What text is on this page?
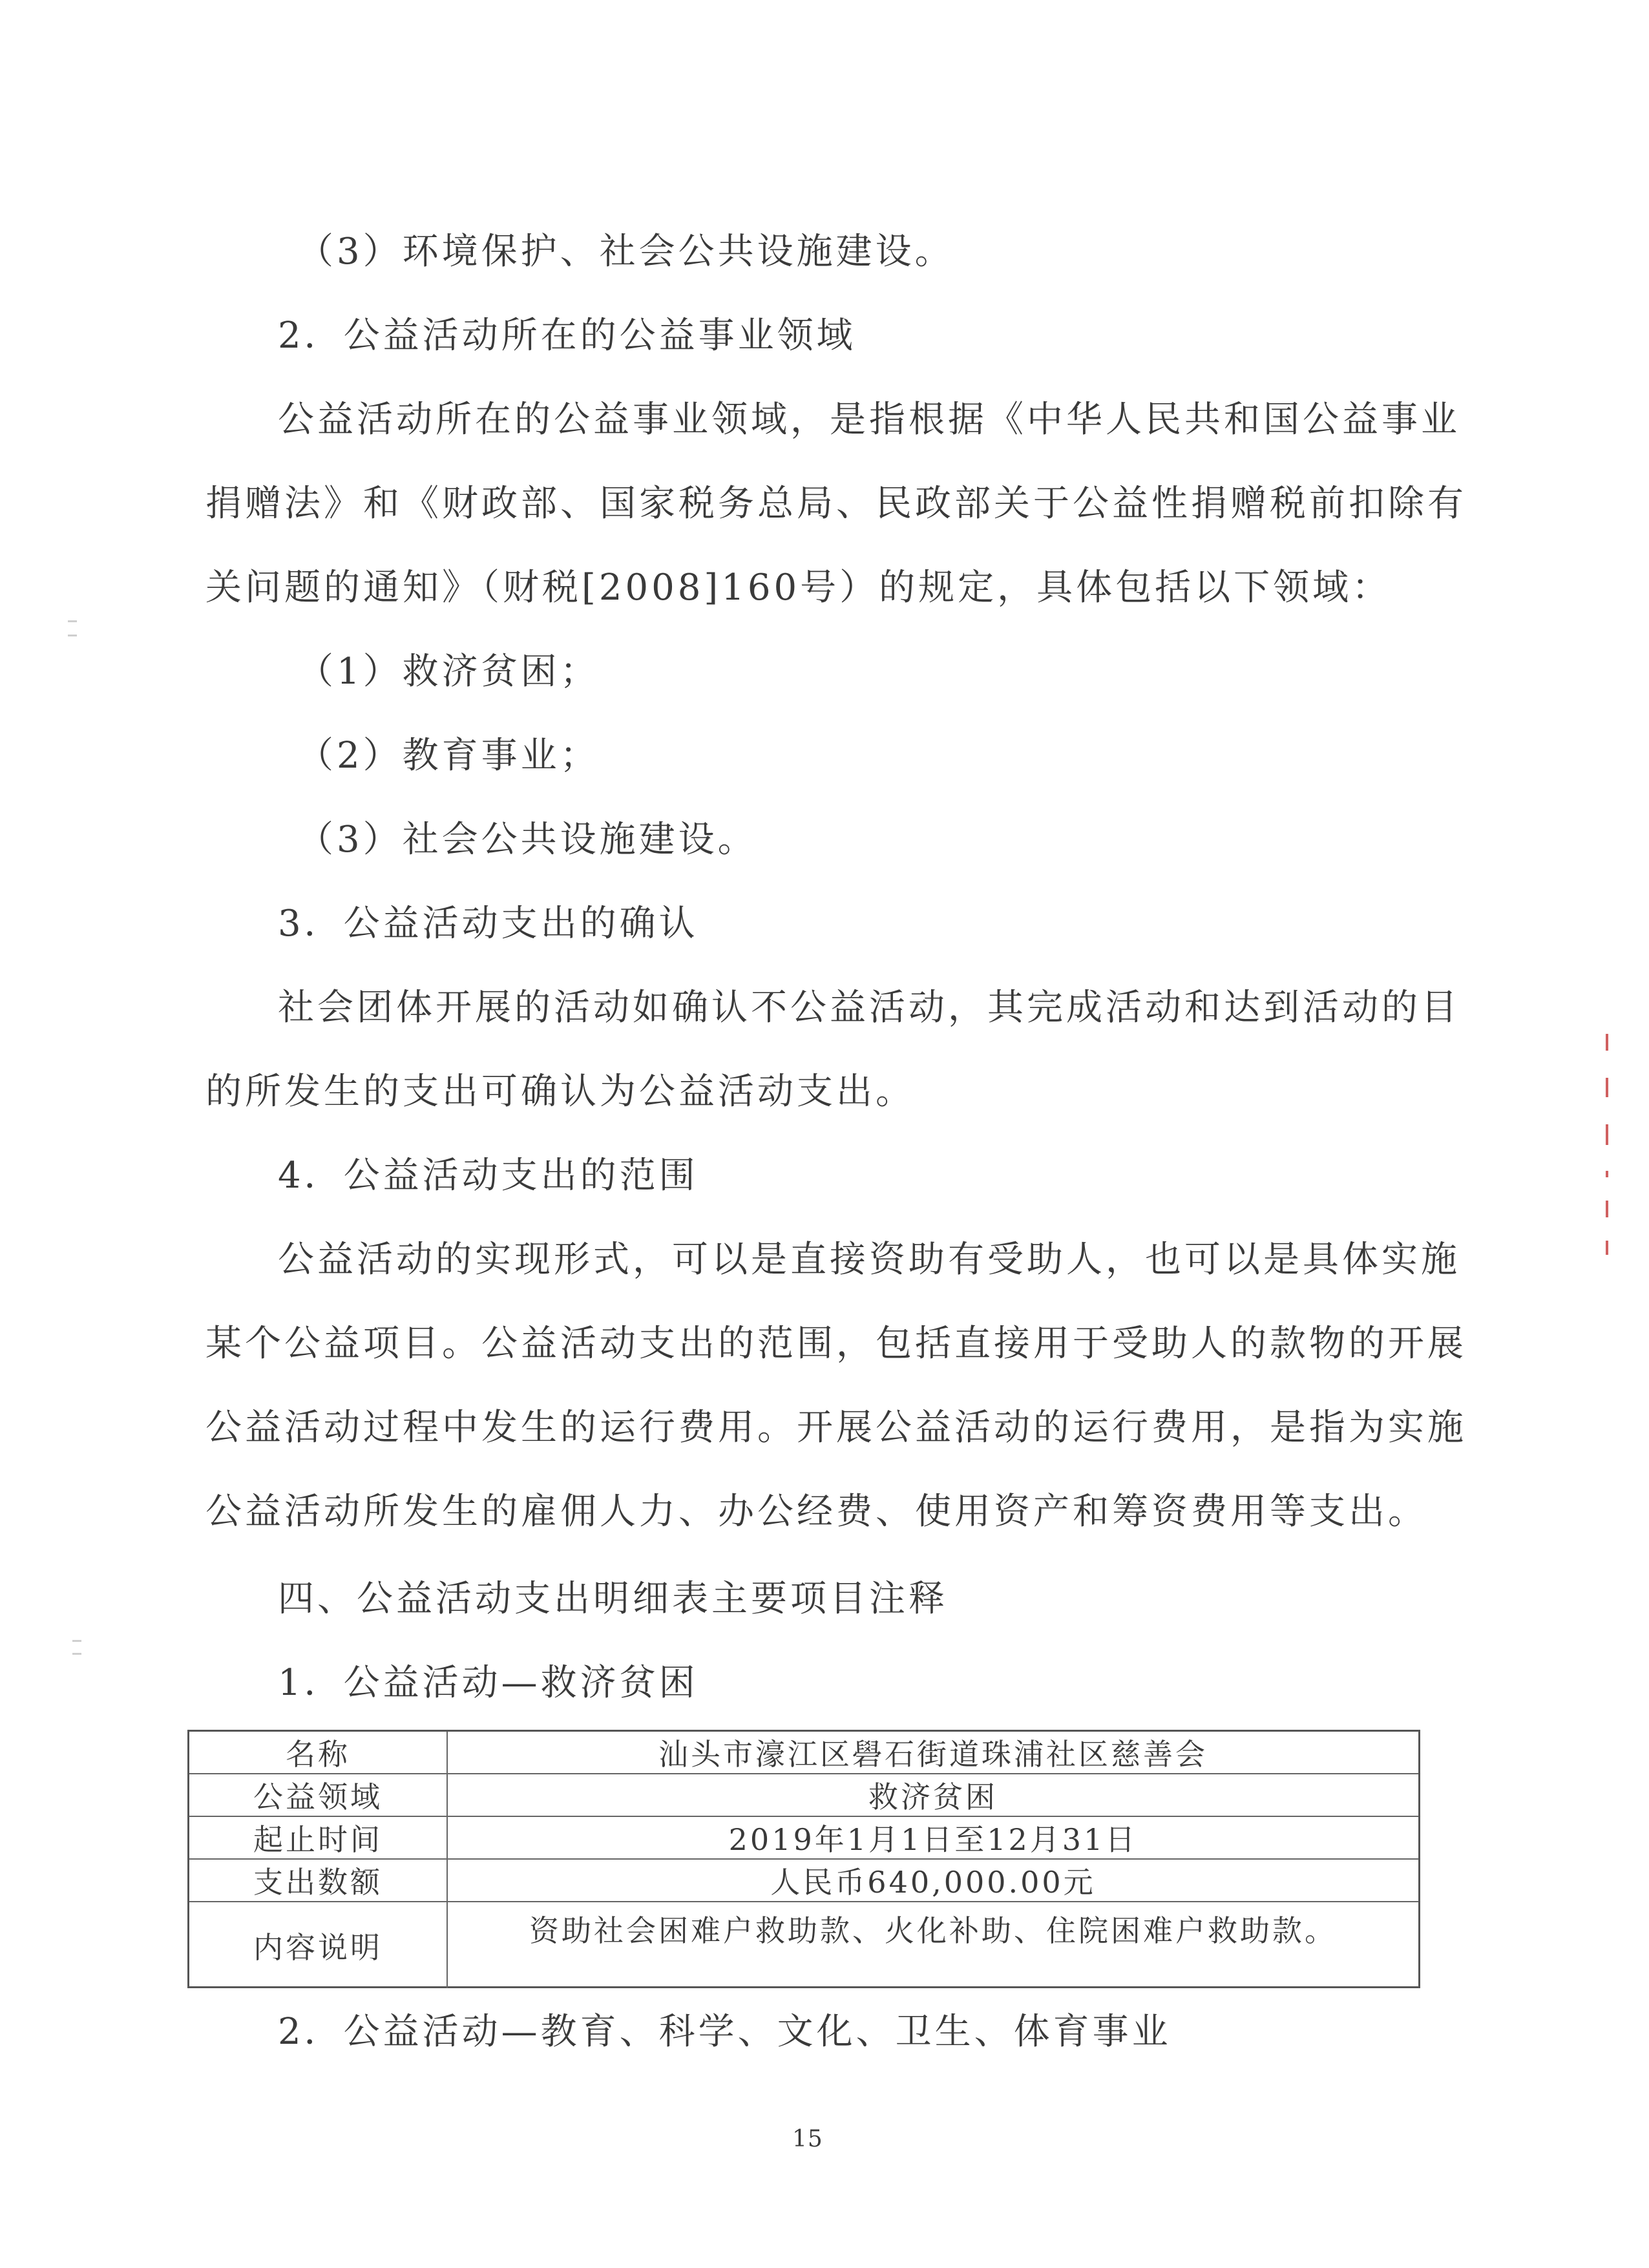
（3）环境保护、社会公共设施建设。
2．公益活动所在的公益事业领域
公益活动所在的公益事业领域，是指根据《中华人民共和国公益事业
捐赠法》和《财政部、国家税务总局、民政部关于公益性捐赠税前扣除有
关问题的通知》（财税[2008]160号）的规定，具体包括以下领域：
（1）救济贫困；
（2）教育事业；
（3）社会公共设施建设。
3．公益活动支出的确认
社会团体开展的活动如确认不公益活动，其完成活动和达到活动的目
的所发生的支出可确认为公益活动支出。
4．公益活动支出的范围
公益活动的实现形式，可以是直接资助有受助人，也可以是具体实施
某个公益项目。公益活动支出的范围，包括直接用于受助人的款物的开展
公益活动过程中发生的运行费用。开展公益活动的运行费用，是指为实施
公益活动所发生的雇佣人力、办公经费、使用资产和筹资费用等支出。
四、公益活动支出明细表主要项目注释
1．公益活动—救济贫困
名称	汕头市濠江区礐石街道珠浦社区慈善会
公益领域	救济贫困
起止时间	2019年1月1日至12月31日
支出数额	人民币640,000.00元
内容说明	资助社会困难户救助款、火化补助、住院困难户救助款。
2．公益活动—教育、科学、文化、卫生、体育事业
15
